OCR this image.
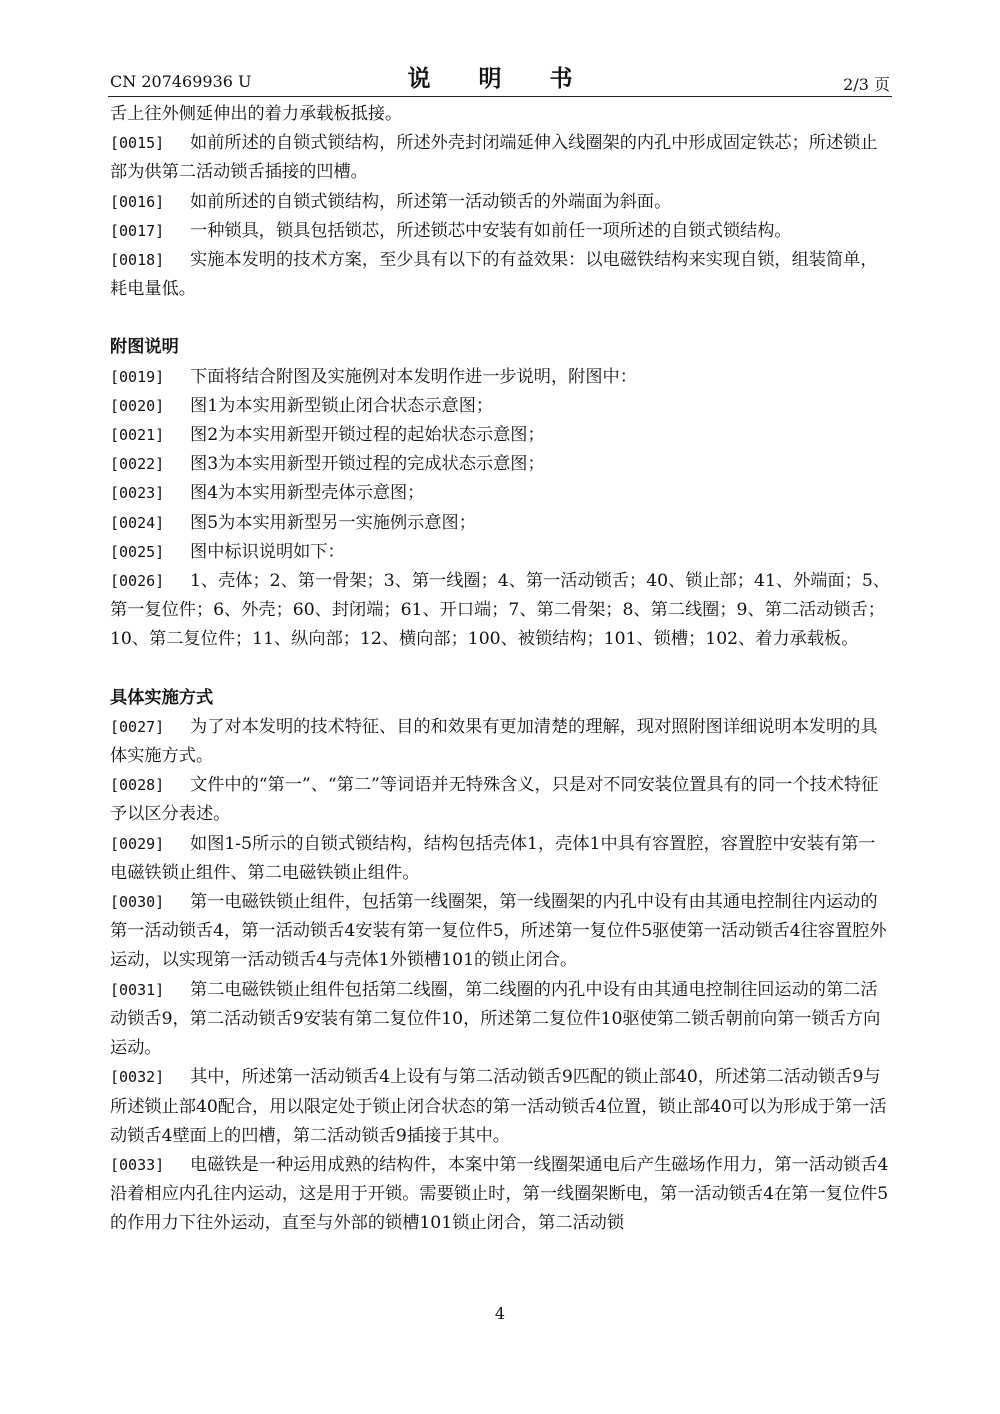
CN 207469936 U	说 明 书	2/3 页

舌上往外侧延伸出的着力承载板抵接。

[0015] 如前所述的自锁式锁结构，所述外壳封闭端延伸入线圈架的内孔中形成固定铁芯；所述锁止部为供第二活动锁舌插接的凹槽。

[0016] 如前所述的自锁式锁结构，所述第一活动锁舌的外端面为斜面。

[0017] 一种锁具，锁具包括锁芯，所述锁芯中安装有如前任一项所述的自锁式锁结构。

[0018] 实施本发明的技术方案，至少具有以下的有益效果：以电磁铁结构来实现自锁，组装简单，耗电量低。

附图说明

[0019] 下面将结合附图及实施例对本发明作进一步说明，附图中：

[0020] 图1为本实用新型锁止闭合状态示意图；

[0021] 图2为本实用新型开锁过程的起始状态示意图；

[0022] 图3为本实用新型开锁过程的完成状态示意图；

[0023] 图4为本实用新型壳体示意图；

[0024] 图5为本实用新型另一实施例示意图；

[0025] 图中标识说明如下：

[0026] 1、壳体；2、第一骨架；3、第一线圈；4、第一活动锁舌；40、锁止部；41、外端面；5、第一复位件；6、外壳；60、封闭端；61、开口端；7、第二骨架；8、第二线圈；9、第二活动锁舌；10、第二复位件；11、纵向部；12、横向部；100、被锁结构；101、锁槽；102、着力承载板。

具体实施方式

[0027] 为了对本发明的技术特征、目的和效果有更加清楚的理解，现对照附图详细说明本发明的具体实施方式。

[0028] 文件中的“第一”、“第二”等词语并无特殊含义，只是对不同安装位置具有的同一个技术特征予以区分表述。

[0029] 如图1-5所示的自锁式锁结构，结构包括壳体1，壳体1中具有容置腔，容置腔中安装有第一电磁铁锁止组件、第二电磁铁锁止组件。

[0030] 第一电磁铁锁止组件，包括第一线圈架，第一线圈架的内孔中设有由其通电控制往内运动的第一活动锁舌4，第一活动锁舌4安装有第一复位件5，所述第一复位件5驱使第一活动锁舌4往容置腔外运动，以实现第一活动锁舌4与壳体1外锁槽101的锁止闭合。

[0031] 第二电磁铁锁止组件包括第二线圈，第二线圈的内孔中设有由其通电控制往回运动的第二活动锁舌9，第二活动锁舌9安装有第二复位件10，所述第二复位件10驱使第二锁舌朝前向第一锁舌方向运动。

[0032] 其中，所述第一活动锁舌4上设有与第二活动锁舌9匹配的锁止部40，所述第二活动锁舌9与所述锁止部40配合，用以限定处于锁止闭合状态的第一活动锁舌4位置，锁止部40可以为形成于第一活动锁舌4壁面上的凹槽，第二活动锁舌9插接于其中。

[0033] 电磁铁是一种运用成熟的结构件，本案中第一线圈架通电后产生磁场作用力，第一活动锁舌4沿着相应内孔往内运动，这是用于开锁。需要锁止时，第一线圈架断电，第一活动锁舌4在第一复位件5的作用力下往外运动，直至与外部的锁槽101锁止闭合，第二活动锁

4
